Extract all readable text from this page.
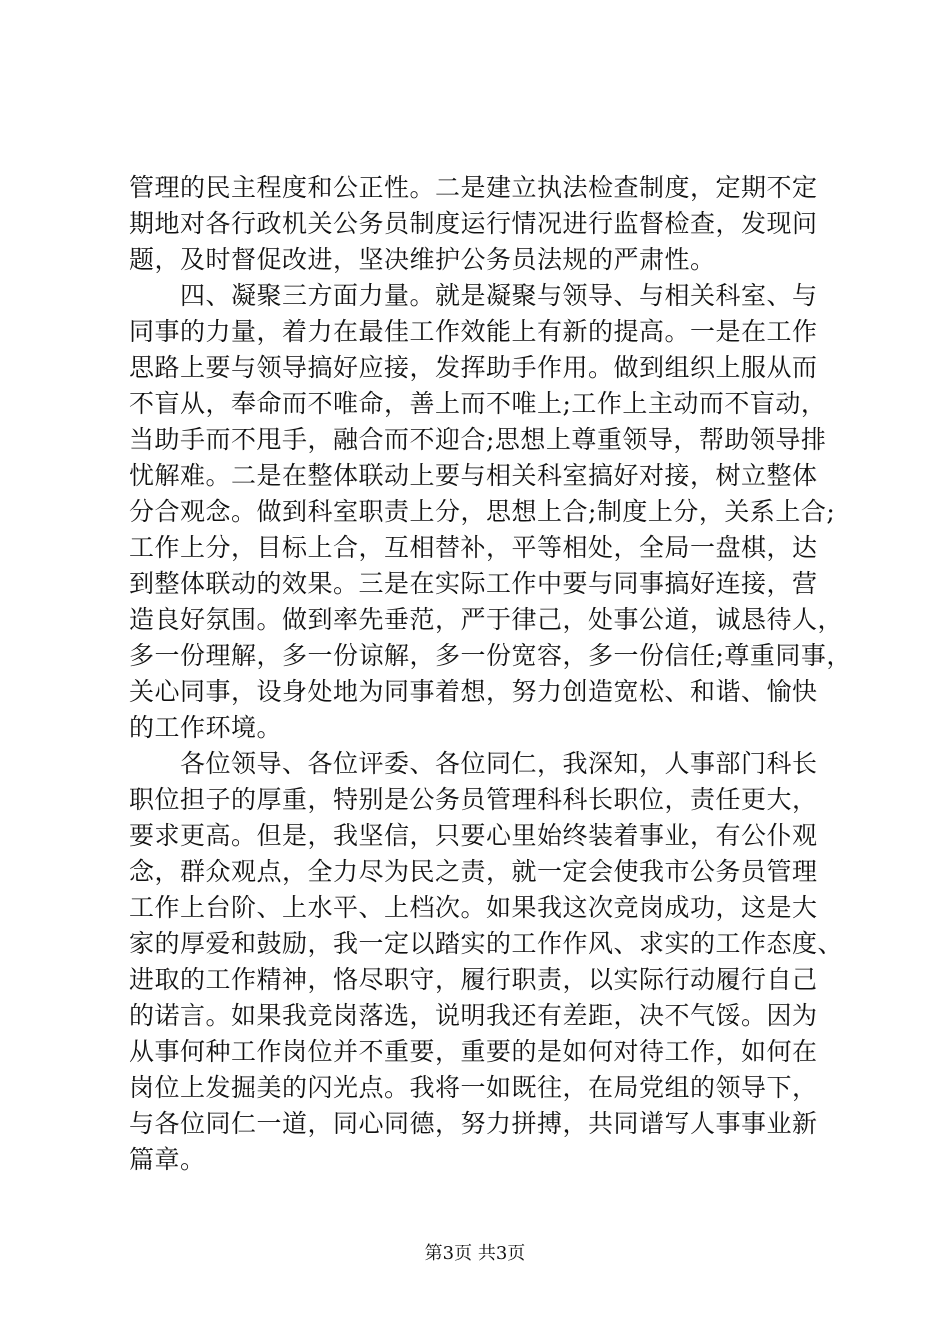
管理的民主程度和公正性。二是建立执法检查制度，定期不定
期地对各行政机关公务员制度运行情况进行监督检查，发现问
题，及时督促改进，坚决维护公务员法规的严肃性。
　　四、凝聚三方面力量。就是凝聚与领导、与相关科室、与
同事的力量，着力在最佳工作效能上有新的提高。一是在工作
思路上要与领导搞好应接，发挥助手作用。做到组织上服从而
不盲从，奉命而不唯命，善上而不唯上;工作上主动而不盲动，
当助手而不甩手，融合而不迎合;思想上尊重领导，帮助领导排
忧解难。二是在整体联动上要与相关科室搞好对接，树立整体
分合观念。做到科室职责上分，思想上合;制度上分，关系上合;
工作上分，目标上合，互相替补，平等相处，全局一盘棋，达
到整体联动的效果。三是在实际工作中要与同事搞好连接，营
造良好氛围。做到率先垂范，严于律己，处事公道，诚恳待人，
多一份理解，多一份谅解，多一份宽容，多一份信任;尊重同事，
关心同事，设身处地为同事着想，努力创造宽松、和谐、愉快
的工作环境。
　　各位领导、各位评委、各位同仁，我深知，人事部门科长
职位担子的厚重，特别是公务员管理科科长职位，责任更大，
要求更高。但是，我坚信，只要心里始终装着事业，有公仆观
念，群众观点，全力尽为民之责，就一定会使我市公务员管理
工作上台阶、上水平、上档次。如果我这次竞岗成功，这是大
家的厚爱和鼓励，我一定以踏实的工作作风、求实的工作态度、
进取的工作精神，恪尽职守，履行职责，以实际行动履行自己
的诺言。如果我竞岗落选，说明我还有差距，决不气馁。因为
从事何种工作岗位并不重要，重要的是如何对待工作，如何在
岗位上发掘美的闪光点。我将一如既往，在局党组的领导下，
与各位同仁一道，同心同德，努力拼搏，共同谱写人事事业新
篇章。
第3页 共3页
